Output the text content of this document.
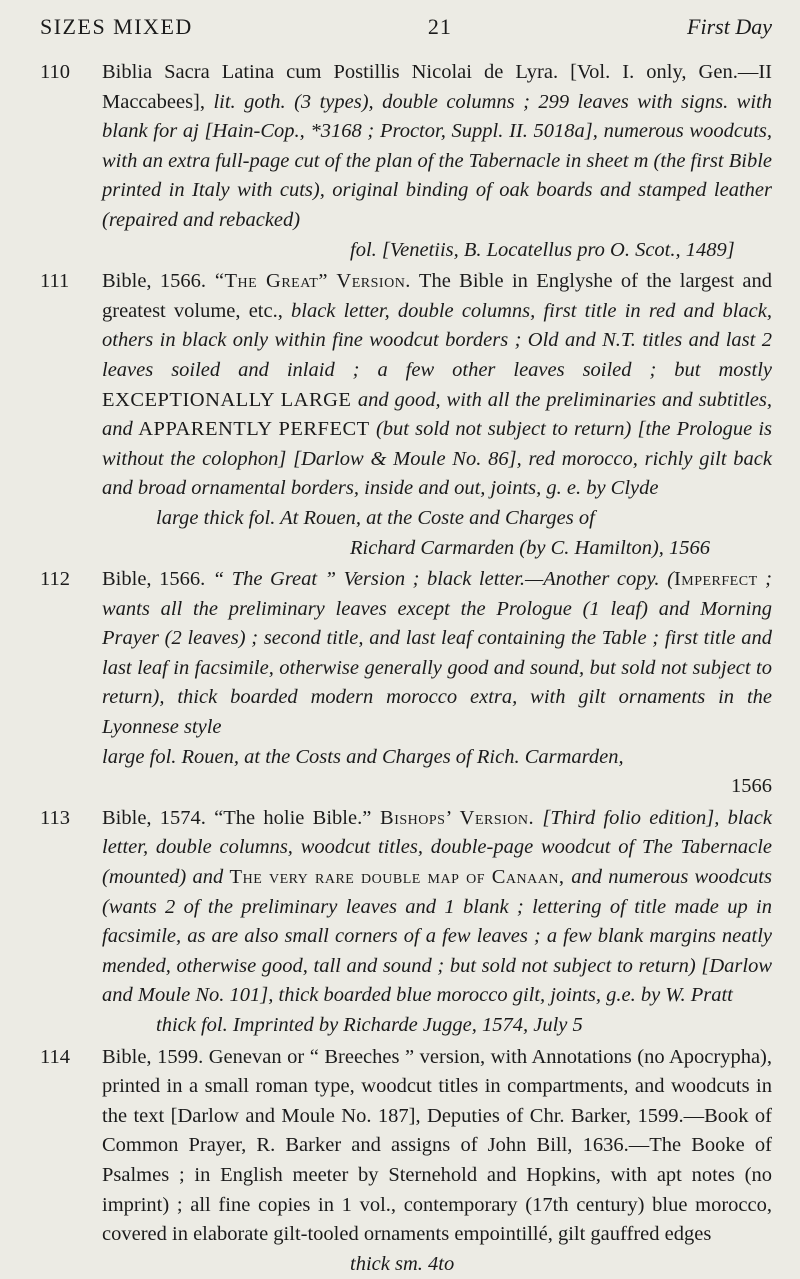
SIZES MIXED	21	First Day
110	Biblia Sacra Latina cum Postillis Nicolai de Lyra. [Vol. I. only, Gen.—II Maccabees], lit. goth. (3 types), double columns ; 299 leaves with signs. with blank for aj [Hain-Cop., *3168 ; Proctor, Suppl. II. 5018a], numerous woodcuts, with an extra full-page cut of the plan of the Tabernacle in sheet m (the first Bible printed in Italy with cuts), original binding of oak boards and stamped leather (repaired and rebacked)
fol. [Venetiis, B. Locatellus pro O. Scot., 1489]
111	Bible, 1566. “The Great” Version. The Bible in Englyshe of the largest and greatest volume, etc., black letter, double columns, first title in red and black, others in black only within fine woodcut borders ; Old and N.T. titles and last 2 leaves soiled and inlaid ; a few other leaves soiled ; but mostly EXCEPTIONALLY LARGE and good, with all the preliminaries and subtitles, and APPARENTLY PERFECT (but sold not subject to return) [the Prologue is without the colophon] [Darlow & Moule No. 86], red morocco, richly gilt back and broad ornamental borders, inside and out, joints, g. e. by Clyde
large thick fol. At Rouen, at the Coste and Charges of
Richard Carmarden (by C. Hamilton), 1566
112	Bible, 1566. “ The Great ” Version ; black letter.—Another copy. (Imperfect ; wants all the preliminary leaves except the Prologue (1 leaf) and Morning Prayer (2 leaves) ; second title, and last leaf containing the Table ; first title and last leaf in facsimile, otherwise generally good and sound, but sold not subject to return), thick boarded modern morocco extra, with gilt ornaments in the Lyonnese style
large fol. Rouen, at the Costs and Charges of Rich. Carmarden,
1566
113	Bible, 1574. “The holie Bible.” Bishops’ Version. [Third folio edition], black letter, double columns, woodcut titles, double-page woodcut of The Tabernacle (mounted) and The very rare double map of Canaan, and numerous woodcuts (wants 2 of the preliminary leaves and 1 blank ; lettering of title made up in facsimile, as are also small corners of a few leaves ; a few blank margins neatly mended, otherwise good, tall and sound ; but sold not subject to return) [Darlow and Moule No. 101], thick boarded blue morocco gilt, joints, g.e. by W. Pratt
thick fol. Imprinted by Richarde Jugge, 1574, July 5
114	Bible, 1599. Genevan or “ Breeches ” version, with Annotations (no Apocrypha), printed in a small roman type, woodcut titles in compartments, and woodcuts in the text [Darlow and Moule No. 187], Deputies of Chr. Barker, 1599.—Book of Common Prayer, R. Barker and assigns of John Bill, 1636.—The Booke of Psalmes ; in English meeter by Sternehold and Hopkins, with apt notes (no imprint) ; all fine copies in 1 vol., contemporary (17th century) blue morocco, covered in elaborate gilt-tooled ornaments empointillé, gilt gauffred edges
thick sm. 4to
